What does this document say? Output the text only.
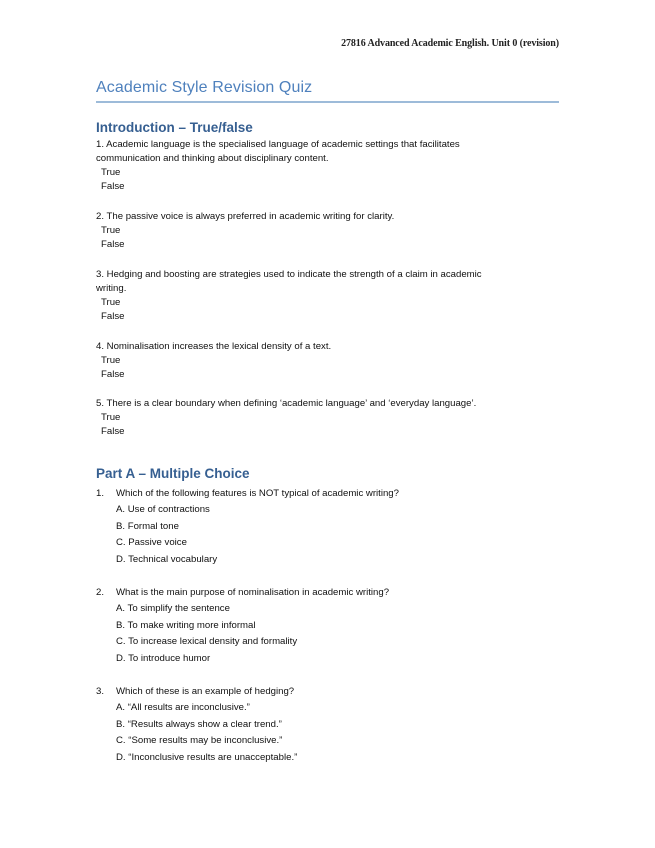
27816 Advanced Academic English. Unit 0 (revision)
Academic Style Revision Quiz
Introduction – True/false

1. Academic language is the specialised language of academic settings that facilitates

communication and thinking about disciplinary content.

True

False

2. The passive voice is always preferred in academic writing for clarity.

True

False

3. Hedging and boosting are strategies used to indicate the strength of a claim in academic

writing.

True

False

4. Nominalisation increases the lexical density of a text.

True

False

5. There is a clear boundary when defining ‘academic language’ and ‘everyday language’.

True

False

Part A – Multiple Choice
1.	Which of the following features is NOT typical of academic writing?
A. Use of contractions
B. Formal tone
C. Passive voice
D. Technical vocabulary
2.	What is the main purpose of nominalisation in academic writing?
A. To simplify the sentence
B. To make writing more informal
C. To increase lexical density and formality
D. To introduce humor
3.	Which of these is an example of hedging?
A. “All results are inconclusive.”
B. “Results always show a clear trend.”
C. “Some results may be inconclusive.”
D. “Inconclusive results are unacceptable.”
